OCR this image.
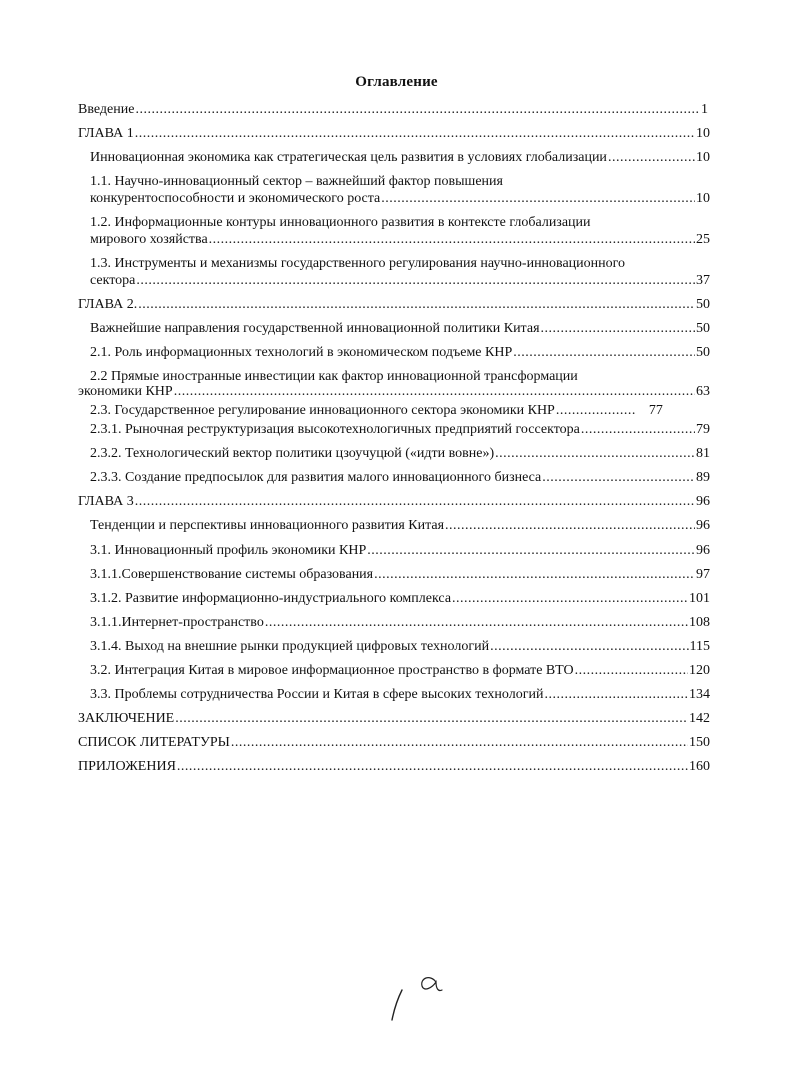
Оглавление
Введение .....	1
ГЛАВА 1 .....	10
Инновационная экономика как стратегическая цель развития в условиях глобализации .....	10
1.1. Научно-инновационный сектор – важнейший фактор повышения
конкурентоспособности и экономического роста .....	10
1.2. Информационные контуры инновационного развития в контексте глобализации
мирового хозяйства .....	25
1.3. Инструменты и механизмы государственного регулирования научно-инновационного
сектора .....	37
ГЛАВА 2. .....	50
Важнейшие направления государственной инновационной политики Китая .....	50
2.1. Роль информационных технологий в экономическом подъеме КНР .....	50
2.2 Прямые иностранные инвестиции как фактор инновационной трансформации
экономики КНР .....	63
2.3. Государственное регулирование инновационного сектора экономики КНР .....	77
2.3.1. Рыночная реструктуризация высокотехнологичных предприятий госсектора .....	79
2.3.2. Технологический вектор политики цзоучуцюй («идти вовне») .....	81
2.3.3. Создание предпосылок для развития малого инновационного бизнеса .....	89
ГЛАВА 3 .....	96
Тенденции и перспективы инновационного развития Китая .....	96
3.1. Инновационный профиль экономики КНР .....	96
3.1.1.Совершенствование системы образования .....	97
3.1.2. Развитие информационно-индустриального комплекса .....	101
3.1.1.Интернет-пространство .....	108
3.1.4. Выход на внешние рынки продукцией цифровых технологий .....	115
3.2. Интеграция Китая в мировое информационное пространство в формате ВТО .....	120
3.3. Проблемы сотрудничества России и Китая в сфере высоких технологий .....	134
ЗАКЛЮЧЕНИЕ .....	142
СПИСОК ЛИТЕРАТУРЫ .....	150
ПРИЛОЖЕНИЯ .....	160
